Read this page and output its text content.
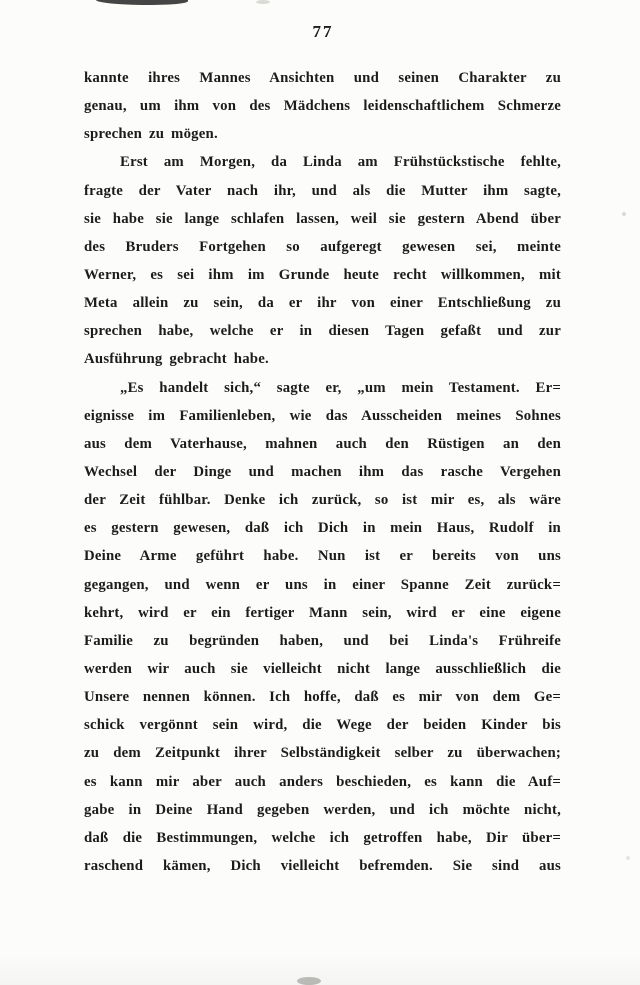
77
kannte ihres Mannes Ansichten und seinen Charakter zu
genau, um ihm von des Mädchens leidenschaftlichem Schmerze
sprechen zu mögen.
Erst am Morgen, da Linda am Frühstückstische fehlte,
fragte der Vater nach ihr, und als die Mutter ihm sagte,
sie habe sie lange schlafen lassen, weil sie gestern Abend über
des Bruders Fortgehen so aufgeregt gewesen sei, meinte
Werner, es sei ihm im Grunde heute recht willkommen, mit
Meta allein zu sein, da er ihr von einer Entschließung zu
sprechen habe, welche er in diesen Tagen gefaßt und zur
Ausführung gebracht habe.
„Es handelt sich,“ sagte er, „um mein Testament. Er=
eignisse im Familienleben, wie das Ausscheiden meines Sohnes
aus dem Vaterhause, mahnen auch den Rüstigen an den
Wechsel der Dinge und machen ihm das rasche Vergehen
der Zeit fühlbar. Denke ich zurück, so ist mir es, als wäre
es gestern gewesen, daß ich Dich in mein Haus, Rudolf in
Deine Arme geführt habe. Nun ist er bereits von uns
gegangen, und wenn er uns in einer Spanne Zeit zurück=
kehrt, wird er ein fertiger Mann sein, wird er eine eigene
Familie zu begründen haben, und bei Linda's Frühreife
werden wir auch sie vielleicht nicht lange ausschließlich die
Unsere nennen können. Ich hoffe, daß es mir von dem Ge=
schick vergönnt sein wird, die Wege der beiden Kinder bis
zu dem Zeitpunkt ihrer Selbständigkeit selber zu überwachen;
es kann mir aber auch anders beschieden, es kann die Auf=
gabe in Deine Hand gegeben werden, und ich möchte nicht,
daß die Bestimmungen, welche ich getroffen habe, Dir über=
raschend kämen, Dich vielleicht befremden. Sie sind aus
